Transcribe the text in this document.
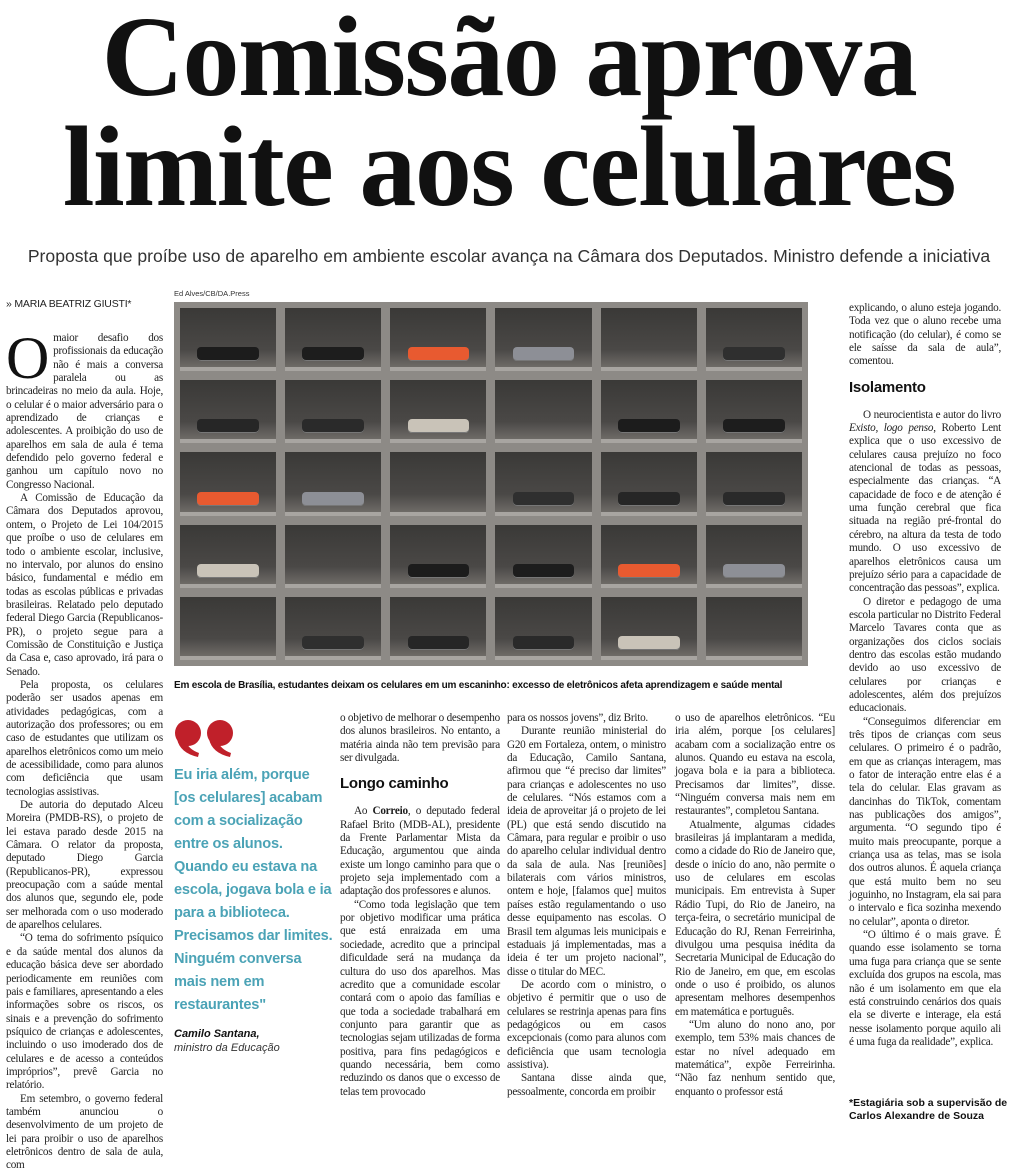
Comissão aprova
limite aos celulares
Proposta que proíbe uso de aparelho em ambiente escolar avança na Câmara dos Deputados. Ministro defende a iniciativa
» MARIA BEATRIZ GIUSTI*
Ed Alves/CB/DA.Press
Em escola de Brasília, estudantes deixam os celulares em um escaninho: excesso de eletrônicos afeta aprendizagem e saúde mental
Eu iria além, porque [os celulares] acabam com a socialização entre os alunos. Quando eu estava na escola, jogava bola e ia para a biblioteca. Precisamos dar limites. Ninguém conversa mais nem em restaurantes"
Camilo Santana,
ministro da Educação

Omaior desafio dos profissionais da educação não é mais a conversa paralela ou as brincadeiras no meio da aula. Hoje, o celular é o maior adversário para o aprendizado de crianças e adolescentes. A proibição do uso de aparelhos em sala de aula é tema defendido pelo governo federal e ganhou um capítulo novo no Congresso Nacional.

A Comissão de Educação da Câmara dos Deputados aprovou, ontem, o Projeto de Lei 104/2015 que proíbe o uso de celulares em todo o ambiente escolar, inclusive, no intervalo, por alunos do ensino básico, fundamental e médio em todas as escolas públicas e privadas brasileiras. Relatado pelo deputado federal Diego Garcia (Republicanos-PR), o projeto segue para a Comissão de Constituição e Justiça da Casa e, caso aprovado, irá para o Senado.

Pela proposta, os celulares poderão ser usados apenas em atividades pedagógicas, com a autorização dos professores; ou em caso de estudantes que utilizam os aparelhos eletrônicos como um meio de acessibilidade, como para alunos com deficiência que usam tecnologias assistivas.

De autoria do deputado Alceu Moreira (PMDB-RS), o projeto de lei estava parado desde 2015 na Câmara. O relator da proposta, deputado Diego Garcia (Republicanos-PR), expressou preocupação com a saúde mental dos alunos que, segundo ele, pode ser melhorada com o uso moderado de aparelhos celulares.

“O tema do sofrimento psíquico e da saúde mental dos alunos da educação básica deve ser abordado periodicamente em reuniões com pais e familiares, apresentando a eles informações sobre os riscos, os sinais e a prevenção do sofrimento psíquico de crianças e adolescentes, incluindo o uso imoderado dos de celulares e de acesso a conteúdos impróprios”, prevê Garcia no relatório.

Em setembro, o governo federal também anunciou o desenvolvimento de um projeto de lei para proibir o uso de aparelhos eletrônicos dentro de sala de aula, com

o objetivo de melhorar o desempenho dos alunos brasileiros. No entanto, a matéria ainda não tem previsão para ser divulgada.

Longo caminho

Ao Correio, o deputado federal Rafael Brito (MDB-AL), presidente da Frente Parlamentar Mista da Educação, argumentou que ainda existe um longo caminho para que o projeto seja implementado com a adaptação dos professores e alunos.

“Como toda legislação que tem por objetivo modificar uma prática que está enraizada em uma sociedade, acredito que a principal dificuldade será na mudança da cultura do uso dos aparelhos. Mas acredito que a comunidade escolar contará com o apoio das famílias e que toda a sociedade trabalhará em conjunto para garantir que as tecnologias sejam utilizadas de forma positiva, para fins pedagógicos e quando necessária, bem como reduzindo os danos que o excesso de telas tem provocado

para os nossos jovens”, diz Brito.

Durante reunião ministerial do G20 em Fortaleza, ontem, o ministro da Educação, Camilo Santana, afirmou que “é preciso dar limites” para crianças e adolescentes no uso de celulares. “Nós estamos com a ideia de aproveitar já o projeto de lei (PL) que está sendo discutido na Câmara, para regular e proibir o uso do aparelho celular individual dentro da sala de aula. Nas [reuniões] bilaterais com vários ministros, ontem e hoje, [falamos que] muitos países estão regulamentando o uso desse equipamento nas escolas. O Brasil tem algumas leis municipais e estaduais já implementadas, mas a ideia é ter um projeto nacional”, disse o titular do MEC.

De acordo com o ministro, o objetivo é permitir que o uso de celulares se restrinja apenas para fins pedagógicos ou em casos excepcionais (como para alunos com deficiência que usam tecnologia assistiva).

Santana disse ainda que, pessoalmente, concorda em proibir

o uso de aparelhos eletrônicos. “Eu iria além, porque [os celulares] acabam com a socialização entre os alunos. Quando eu estava na escola, jogava bola e ia para a biblioteca. Precisamos dar limites”, disse. “Ninguém conversa mais nem em restaurantes”, completou Santana.

Atualmente, algumas cidades brasileiras já implantaram a medida, como a cidade do Rio de Janeiro que, desde o início do ano, não permite o uso de celulares em escolas municipais. Em entrevista à Super Rádio Tupi, do Rio de Janeiro, na terça-feira, o secretário municipal de Educação do RJ, Renan Ferreirinha, divulgou uma pesquisa inédita da Secretaria Municipal de Educação do Rio de Janeiro, em que, em escolas onde o uso é proibido, os alunos apresentam melhores desempenhos em matemática e português.

“Um aluno do nono ano, por exemplo, tem 53% mais chances de estar no nível adequado em matemática”, expõe Ferreirinha. “Não faz nenhum sentido que, enquanto o professor está

explicando, o aluno esteja jogando. Toda vez que o aluno recebe uma notificação (do celular), é como se ele saísse da sala de aula”, comentou.

Isolamento

O neurocientista e autor do livro Existo, logo penso, Roberto Lent explica que o uso excessivo de celulares causa prejuízo no foco atencional de todas as pessoas, especialmente das crianças. “A capacidade de foco e de atenção é uma função cerebral que fica situada na região pré-frontal do cérebro, na altura da testa de todo mundo. O uso excessivo de aparelhos eletrônicos causa um prejuízo sério para a capacidade de concentração das pessoas”, explica.

O diretor e pedagogo de uma escola particular no Distrito Federal Marcelo Tavares conta que as organizações dos ciclos sociais dentro das escolas estão mudando devido ao uso excessivo de celulares por crianças e adolescentes, além dos prejuízos educacionais.

“Conseguimos diferenciar em três tipos de crianças com seus celulares. O primeiro é o padrão, em que as crianças interagem, mas o fator de interação entre elas é a tela do celular. Elas gravam as dancinhas do TikTok, comentam nas publicações dos amigos”, argumenta. “O segundo tipo é muito mais preocupante, porque a criança usa as telas, mas se isola dos outros alunos. É aquela criança que está muito bem no seu joguinho, no Instagram, ela sai para o intervalo e fica sozinha mexendo no celular”, aponta o diretor.

“O último é o mais grave. É quando esse isolamento se torna uma fuga para criança que se sente excluída dos grupos na escola, mas não é um isolamento em que ela está construindo cenários dos quais ela se diverte e interage, ela está nesse isolamento porque aquilo ali é uma fuga da realidade”, explica.

*Estagiária sob a supervisão de Carlos Alexandre de Souza
